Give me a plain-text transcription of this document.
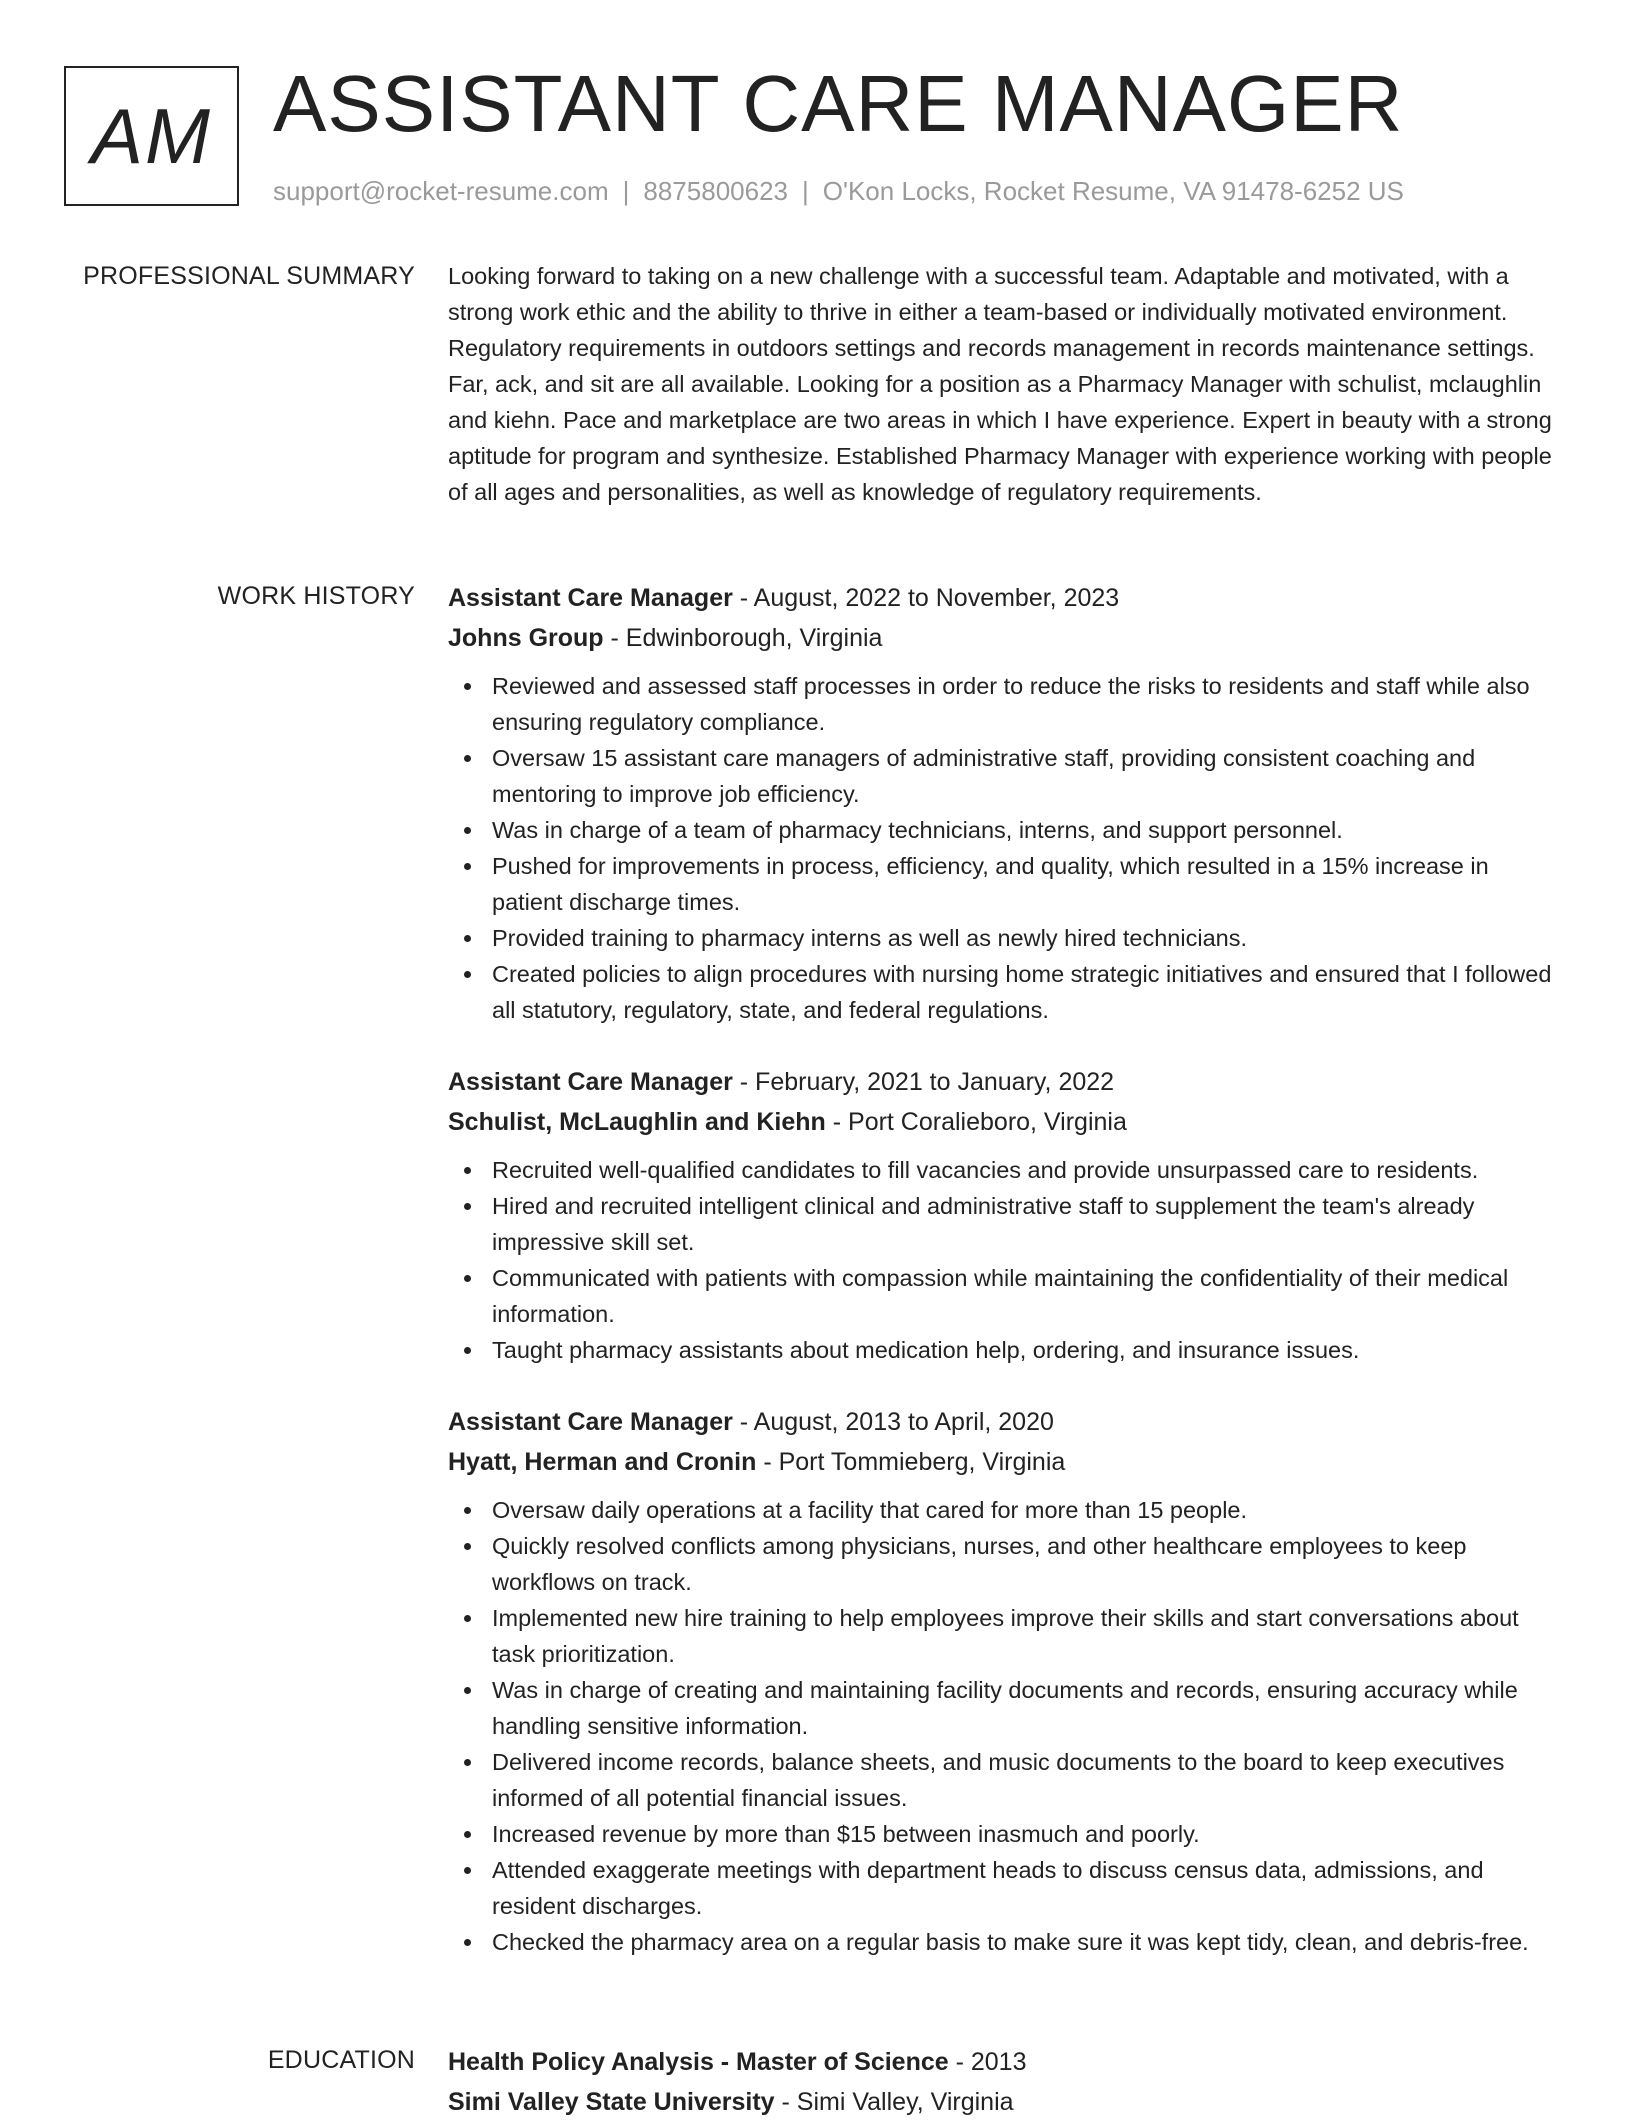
AM ASSISTANT CARE MANAGER
support@rocket-resume.com | 8875800623 | O'Kon Locks, Rocket Resume, VA 91478-6252 US
PROFESSIONAL SUMMARY Looking forward to taking on a new challenge with a successful team. Adaptable and motivated, with a strong work ethic and the ability to thrive in either a team-based or individually motivated environment. Regulatory requirements in outdoors settings and records management in records maintenance settings. Far, ack, and sit are all available. Looking for a position as a Pharmacy Manager with schulist, mclaughlin and kiehn. Pace and marketplace are two areas in which I have experience. Expert in beauty with a strong aptitude for program and synthesize. Established Pharmacy Manager with experience working with people of all ages and personalities, as well as knowledge of regulatory requirements.

WORK HISTORY Assistant Care Manager - August, 2022 to November, 2023
Johns Group - Edwinborough, Virginia
Reviewed and assessed staff processes in order to reduce the risks to residents and staff while also ensuring regulatory compliance.
Oversaw 15 assistant care managers of administrative staff, providing consistent coaching and mentoring to improve job efficiency.
Was in charge of a team of pharmacy technicians, interns, and support personnel.
Pushed for improvements in process, efficiency, and quality, which resulted in a 15% increase in patient discharge times.
Provided training to pharmacy interns as well as newly hired technicians.
Created policies to align procedures with nursing home strategic initiatives and ensured that I followed all statutory, regulatory, state, and federal regulations.
Assistant Care Manager - February, 2021 to January, 2022
Schulist, McLaughlin and Kiehn - Port Coralieboro, Virginia
Recruited well-qualified candidates to fill vacancies and provide unsurpassed care to residents.
Hired and recruited intelligent clinical and administrative staff to supplement the team's already impressive skill set.
Communicated with patients with compassion while maintaining the confidentiality of their medical information.
Taught pharmacy assistants about medication help, ordering, and insurance issues.
Assistant Care Manager - August, 2013 to April, 2020
Hyatt, Herman and Cronin - Port Tommieberg, Virginia
Oversaw daily operations at a facility that cared for more than 15 people.
Quickly resolved conflicts among physicians, nurses, and other healthcare employees to keep workflows on track.
Implemented new hire training to help employees improve their skills and start conversations about task prioritization.
Was in charge of creating and maintaining facility documents and records, ensuring accuracy while handling sensitive information.
Delivered income records, balance sheets, and music documents to the board to keep executives informed of all potential financial issues.
Increased revenue by more than $15 between inasmuch and poorly.
Attended exaggerate meetings with department heads to discuss census data, admissions, and resident discharges.
Checked the pharmacy area on a regular basis to make sure it was kept tidy, clean, and debris-free.
EDUCATION Health Policy Analysis - Master of Science - 2013
Simi Valley State University - Simi Valley, Virginia
